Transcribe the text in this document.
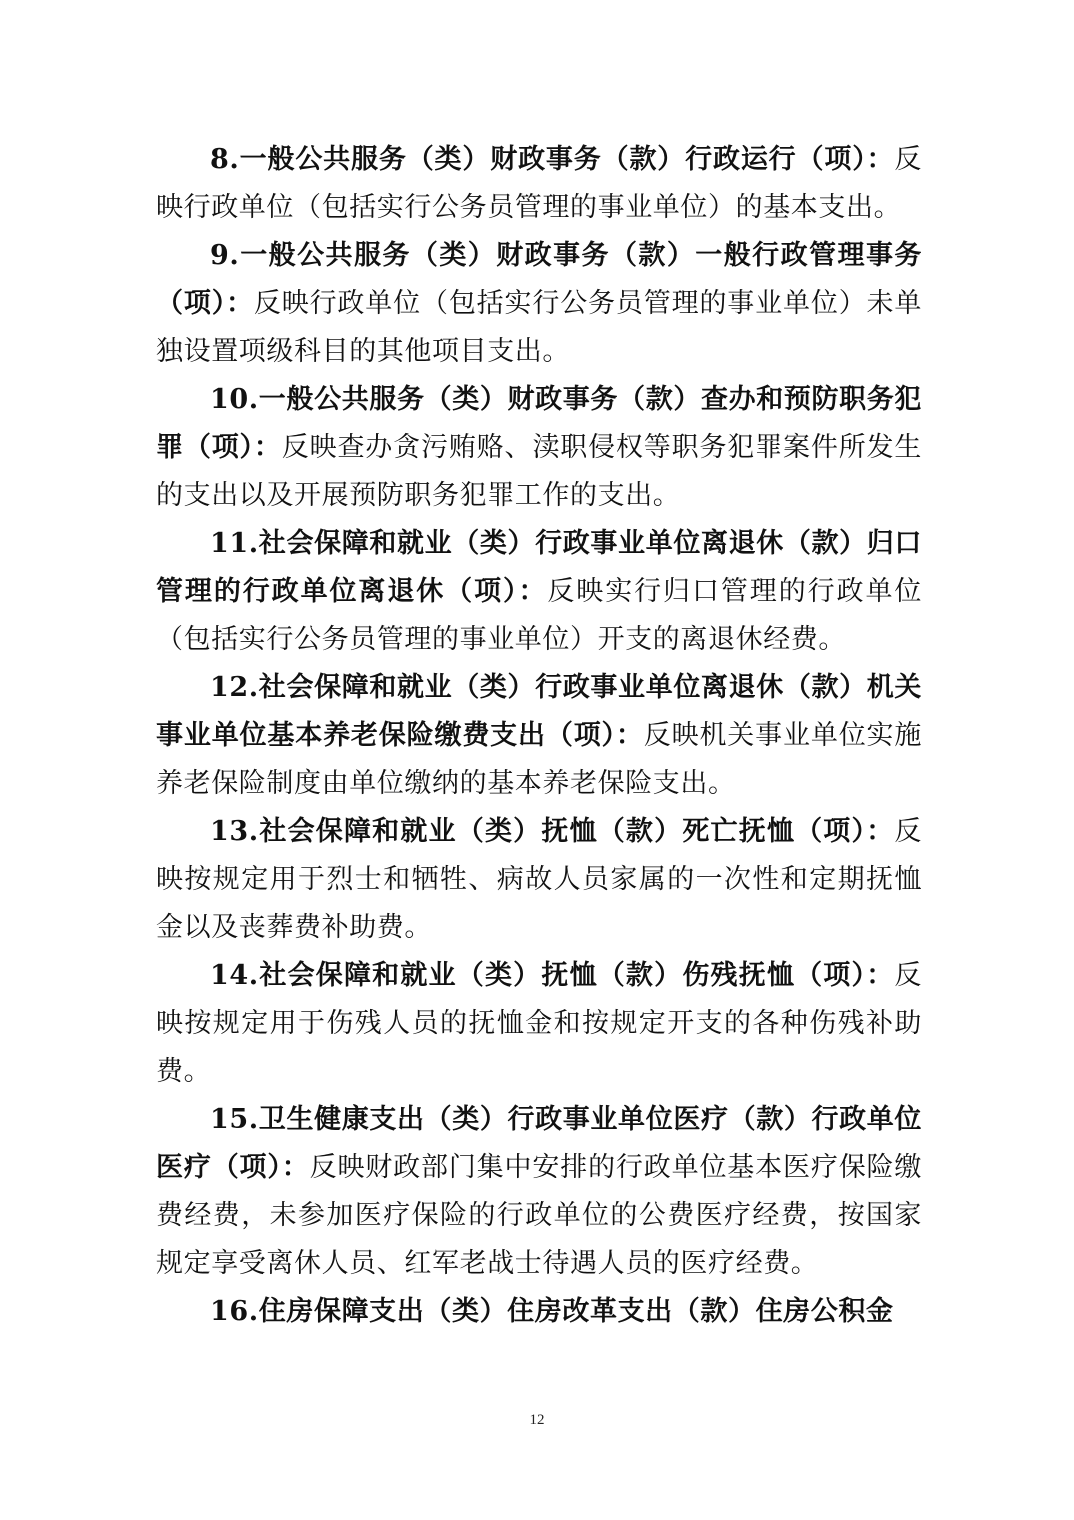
8.一般公共服务（类）财政事务（款）行政运行（项）：反映行政单位（包括实行公务员管理的事业单位）的基本支出。

9.一般公共服务（类）财政事务（款）一般行政管理事务（项）：反映行政单位（包括实行公务员管理的事业单位）未单独设置项级科目的其他项目支出。

10.一般公共服务（类）财政事务（款）查办和预防职务犯罪（项）：反映查办贪污贿赂、渎职侵权等职务犯罪案件所发生的支出以及开展预防职务犯罪工作的支出。

11.社会保障和就业（类）行政事业单位离退休（款）归口管理的行政单位离退休（项）：反映实行归口管理的行政单位（包括实行公务员管理的事业单位）开支的离退休经费。

12.社会保障和就业（类）行政事业单位离退休（款）机关事业单位基本养老保险缴费支出（项）：反映机关事业单位实施养老保险制度由单位缴纳的基本养老保险支出。

13.社会保障和就业（类）抚恤（款）死亡抚恤（项）：反映按规定用于烈士和牺牲、病故人员家属的一次性和定期抚恤金以及丧葬费补助费。

14.社会保障和就业（类）抚恤（款）伤残抚恤（项）：反映按规定用于伤残人员的抚恤金和按规定开支的各种伤残补助费。

15.卫生健康支出（类）行政事业单位医疗（款）行政单位医疗（项）：反映财政部门集中安排的行政单位基本医疗保险缴费经费，未参加医疗保险的行政单位的公费医疗经费，按国家规定享受离休人员、红军老战士待遇人员的医疗经费。

16.住房保障支出（类）住房改革支出（款）住房公积金

12
